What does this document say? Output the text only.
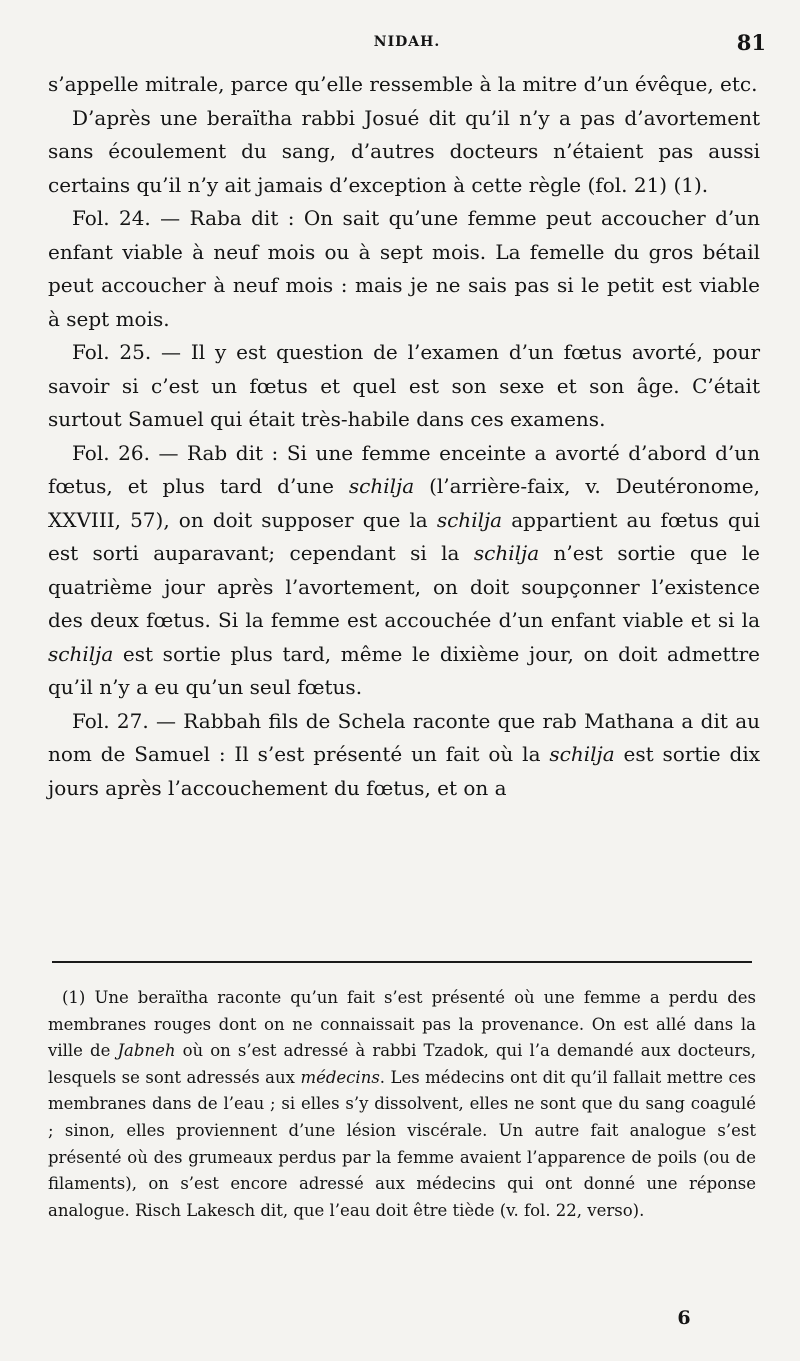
NIDAH.	81

s’appelle mitrale, parce qu’elle ressemble à la mitre d’un évêque, etc.

D’après une beraïtha rabbi Josué dit qu’il n’y a pas d’avortement sans écoulement du sang, d’autres docteurs n’étaient pas aussi certains qu’il n’y ait jamais d’exception à cette règle (fol. 21) (1).

Fol. 24. — Raba dit : On sait qu’une femme peut accoucher d’un enfant viable à neuf mois ou à sept mois. La femelle du gros bétail peut accoucher à neuf mois : mais je ne sais pas si le petit est viable à sept mois.

Fol. 25. — Il y est question de l’examen d’un fœtus avorté, pour savoir si c’est un fœtus et quel est son sexe et son âge. C’était surtout Samuel qui était très-habile dans ces examens.

Fol. 26. — Rab dit : Si une femme enceinte a avorté d’abord d’un fœtus, et plus tard d’une schilja (l’arrière-faix, v. Deutéronome, XXVIII, 57), on doit supposer que la schilja appartient au fœtus qui est sorti auparavant; cependant si la schilja n’est sortie que le quatrième jour après l’avortement, on doit soupçonner l’existence des deux fœtus. Si la femme est accouchée d’un enfant viable et si la schilja est sortie plus tard, même le dixième jour, on doit admettre qu’il n’y a eu qu’un seul fœtus.

Fol. 27. — Rabbah fils de Schela raconte que rab Mathana a dit au nom de Samuel : Il s’est présenté un fait où la schilja est sortie dix jours après l’accouchement du fœtus, et on a

(1) Une beraïtha raconte qu’un fait s’est présenté où une femme a perdu des membranes rouges dont on ne connaissait pas la provenance. On est allé dans la ville de Jabneh où on s’est adressé à rabbi Tzadok, qui l’a demandé aux docteurs, lesquels se sont adressés aux médecins. Les médecins ont dit qu’il fallait mettre ces membranes dans de l’eau ; si elles s’y dissolvent, elles ne sont que du sang coagulé ; sinon, elles proviennent d’une lésion viscérale. Un autre fait analogue s’est présenté où des grumeaux perdus par la femme avaient l’apparence de poils (ou de filaments), on s’est encore adressé aux médecins qui ont donné une réponse analogue. Risch Lakesch dit, que l’eau doit être tiède (v. fol. 22, verso).

6
